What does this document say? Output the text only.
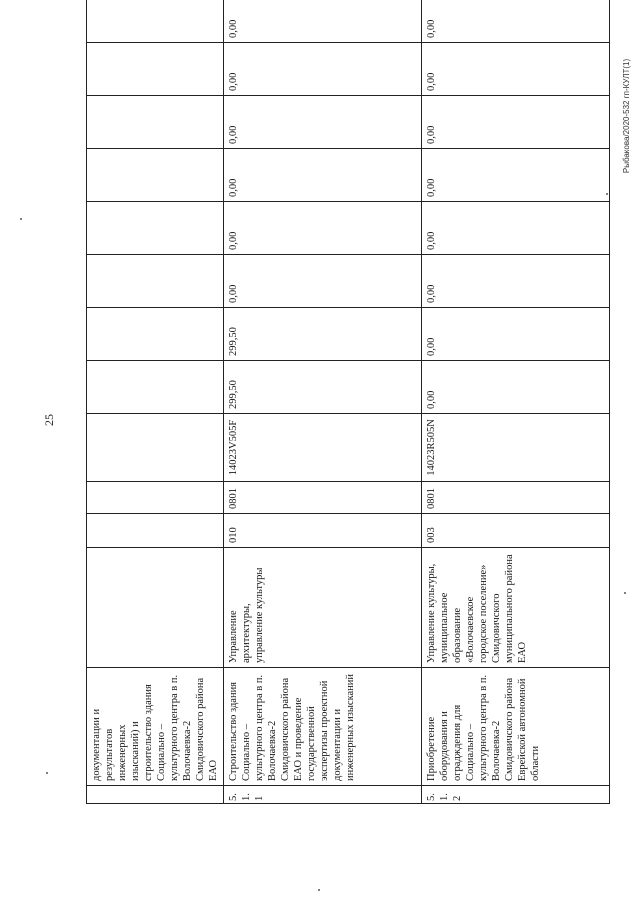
25
Рыбакова/2020-532 гп-КУЛТ(1)
	документации и результатов инженерных изысканий) и строительство здания Социально – культурного центра в п. Волочаевка-2 Смидовичского района ЕАО												
5. 1. 1	Строительство здания Социально – культурного центра в п. Волочаевка-2 Смидовичского района ЕАО и проведение государственной экспертизы проектной документации и инженерных изысканий	Управление архитектуры, управление культуры	010	0801	14023V505F	299,50	299,50	0,00	0,00	0,00	0,00	0,00	0,00
5. 1. 2	Приобретение оборудования и оградждения для Социально – культурного центра в п. Волочаевка-2 Смидовичского района Еврейской автономной области	Управление культуры, муниципальное образование «Волочаевское городское поселение» Смидовичского муниципального района ЕАО	003	0801	14023R505N	0,00	0,00	0,00	0,00	0,00	0,00	0,00	0,00
